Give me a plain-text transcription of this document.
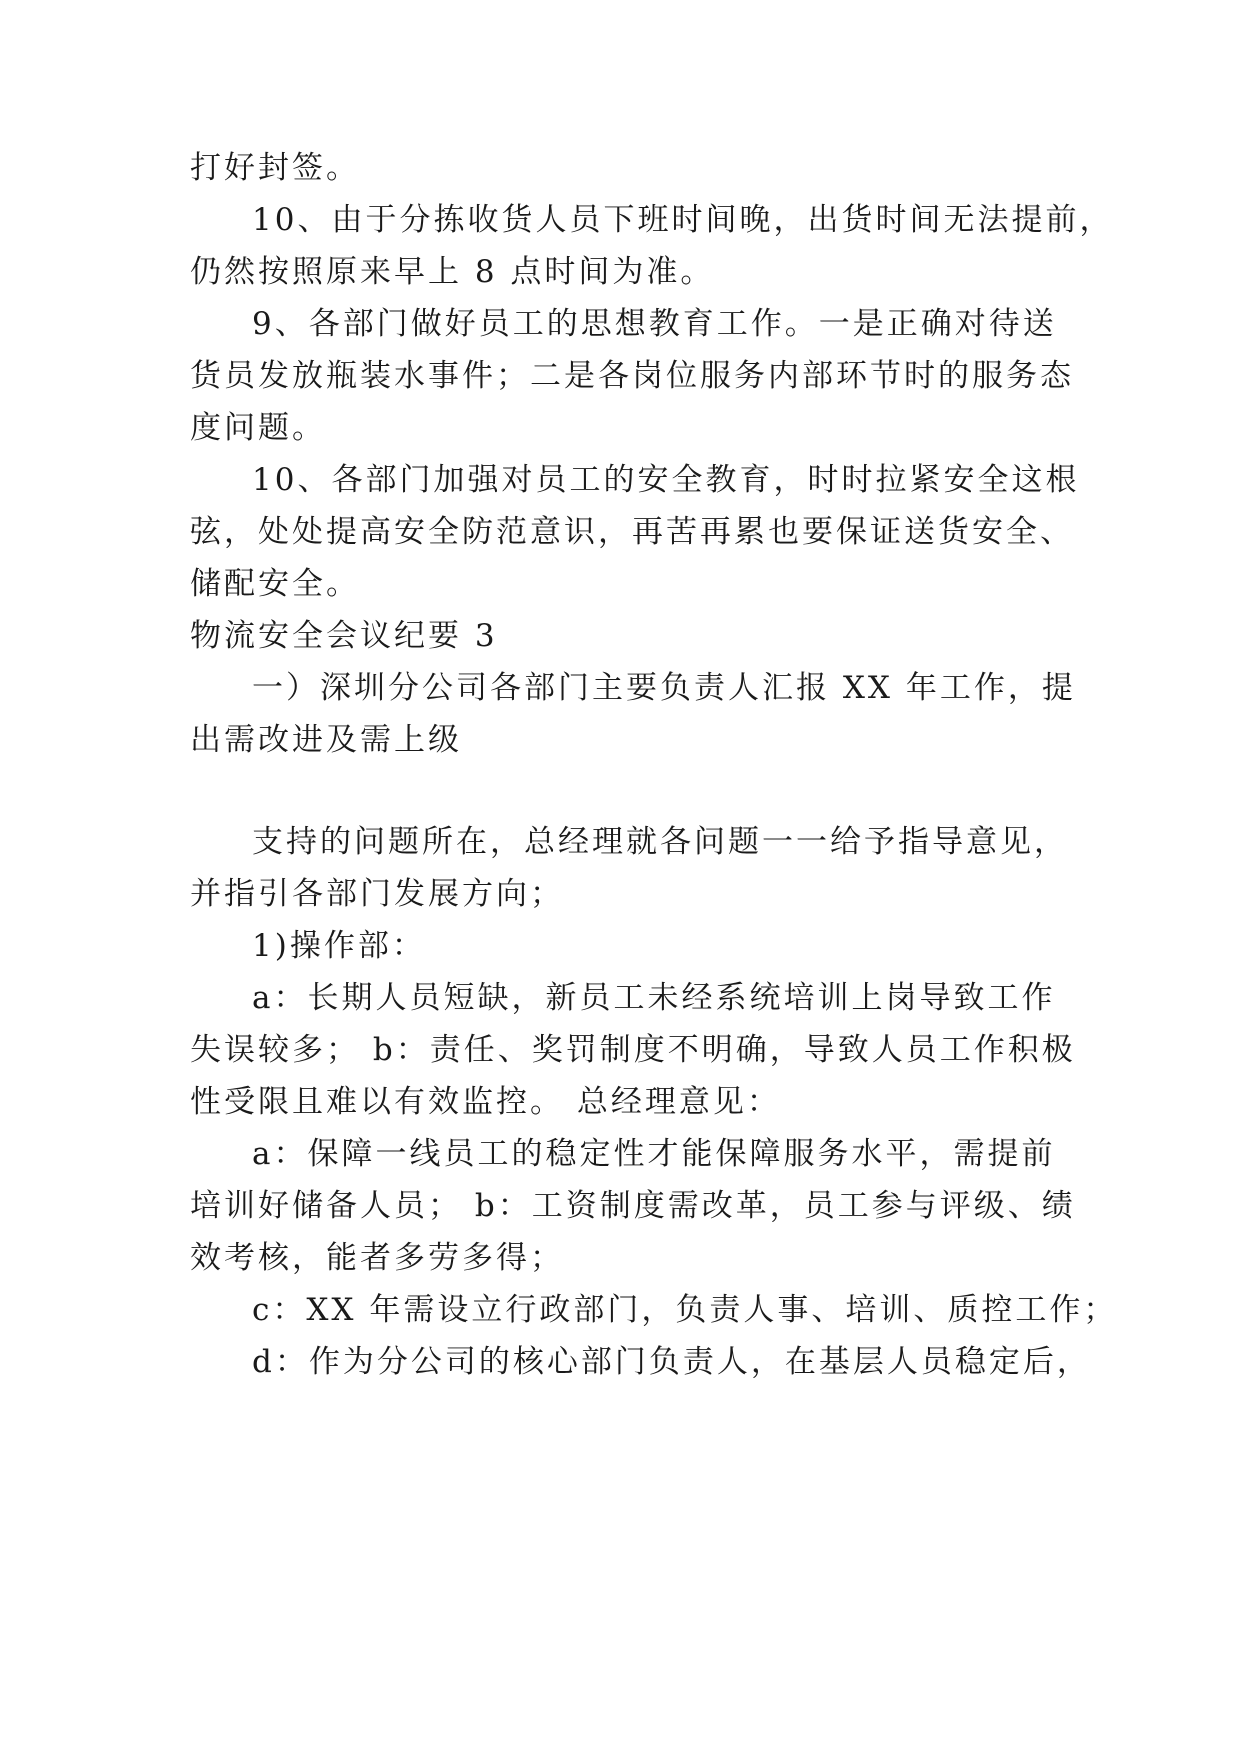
打好封签。
10、由于分拣收货人员下班时间晚，出货时间无法提前，
仍然按照原来早上 8 点时间为准。
9、各部门做好员工的思想教育工作。一是正确对待送
货员发放瓶装水事件；二是各岗位服务内部环节时的服务态
度问题。
10、各部门加强对员工的安全教育，时时拉紧安全这根
弦，处处提高安全防范意识，再苦再累也要保证送货安全、
储配安全。
物流安全会议纪要 3
一）深圳分公司各部门主要负责人汇报 XX 年工作，提
出需改进及需上级
支持的问题所在，总经理就各问题一一给予指导意见，
并指引各部门发展方向；
1)操作部：
a：长期人员短缺，新员工未经系统培训上岗导致工作
失误较多； b：责任、奖罚制度不明确，导致人员工作积极
性受限且难以有效监控。 总经理意见：
a：保障一线员工的稳定性才能保障服务水平，需提前
培训好储备人员； b：工资制度需改革，员工参与评级、绩
效考核，能者多劳多得；
c：XX 年需设立行政部门，负责人事、培训、质控工作；
d：作为分公司的核心部门负责人，在基层人员稳定后，
